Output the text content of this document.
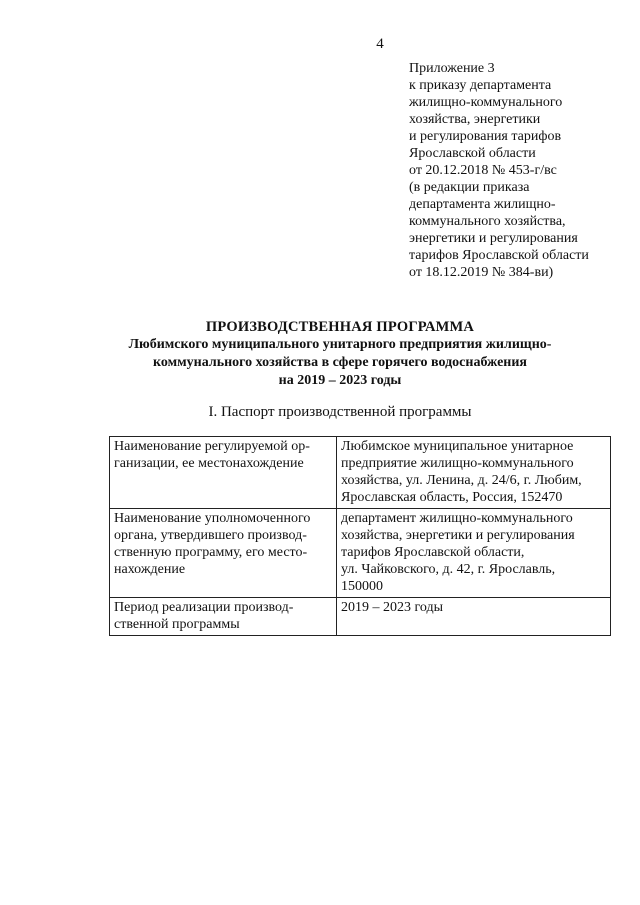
4
Приложение 3
к приказу департамента
жилищно-коммунального
хозяйства, энергетики
и регулирования тарифов
Ярославской области
от 20.12.2018 № 453-г/вс
(в редакции приказа
департамента жилищно-
коммунального хозяйства,
энергетики и регулирования
тарифов Ярославской области
от 18.12.2019 № 384-ви)
ПРОИЗВОДСТВЕННАЯ ПРОГРАММА
Любимского муниципального унитарного предприятия жилищно-
коммунального хозяйства в сфере горячего водоснабжения
на 2019 – 2023 годы
I. Паспорт производственной программы
Наименование регулируемой ор-
ганизации, ее местонахождение	Любимское муниципальное унитарное
предприятие жилищно-коммунального
хозяйства, ул. Ленина, д. 24/6, г. Любим,
Ярославская область, Россия, 152470

Наименование уполномоченного
органа, утвердившего производ-
ственную программу, его место-
нахождение	департамент жилищно-коммунального
хозяйства, энергетики и регулирования
тарифов Ярославской области,
ул. Чайковского, д. 42, г. Ярославль,
150000

Период реализации производ-
ственной программы	2019 – 2023 годы
